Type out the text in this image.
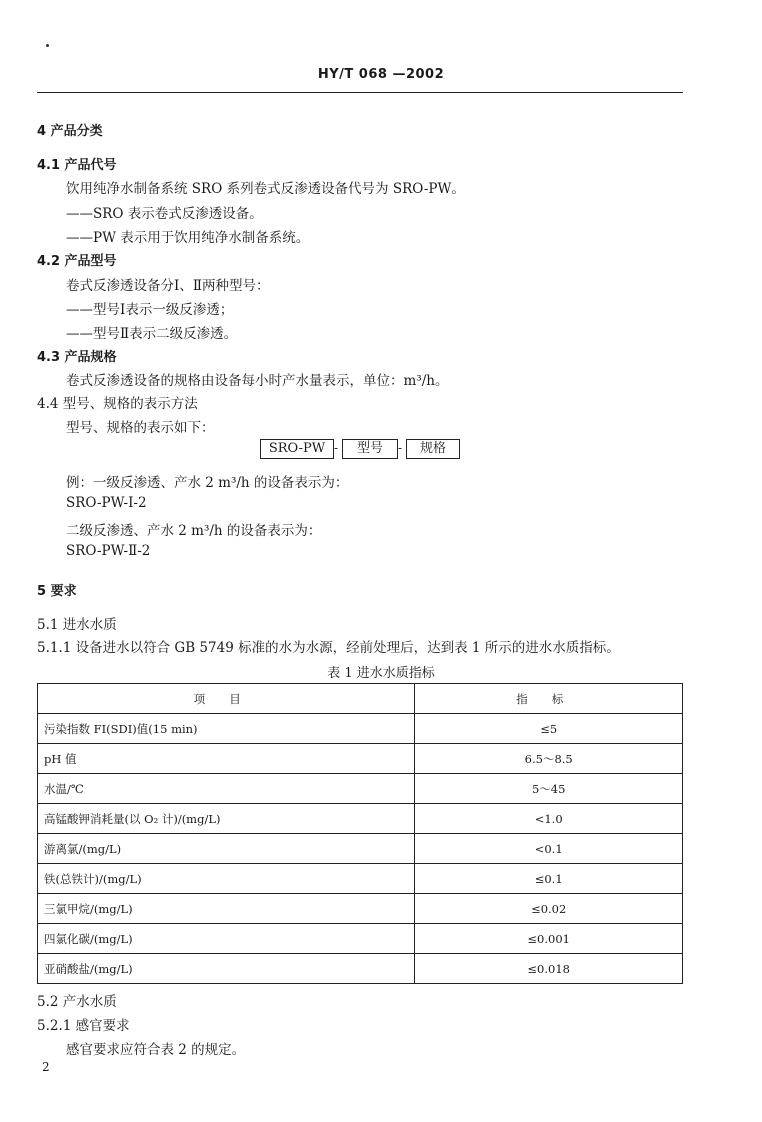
HY/T 068 —2002
4 产品分类
4.1 产品代号
饮用纯净水制备系统 SRO 系列卷式反渗透设备代号为 SRO-PW。
——SRO 表示卷式反渗透设备。
——PW 表示用于饮用纯净水制备系统。
4.2 产品型号
卷式反渗透设备分Ⅰ、Ⅱ两种型号：
——型号Ⅰ表示一级反渗透；
——型号Ⅱ表示二级反渗透。
4.3 产品规格
卷式反渗透设备的规格由设备每小时产水量表示，单位：m³/h。
4.4 型号、规格的表示方法
型号、规格的表示如下：
SRO-PW -	型号	-	规格
例：一级反渗透、产水 2 m³/h 的设备表示为：
SRO-PW-Ⅰ-2
二级反渗透、产水 2 m³/h 的设备表示为：
SRO-PW-Ⅱ-2
5 要求
5.1 进水水质
5.1.1 设备进水以符合 GB 5749 标准的水为水源，经前处理后，达到表 1 所示的进水水质指标。
表 1 进水水质指标
项目	指标
污染指数 FI(SDI)值(15 min)	≤5
pH 值	6.5～8.5
水温/℃	5～45
高锰酸钾消耗量(以 O₂ 计)/(mg/L)	<1.0
游离氯/(mg/L)	<0.1
铁(总铁计)/(mg/L)	≤0.1
三氯甲烷/(mg/L)	≤0.02
四氯化碳/(mg/L)	≤0.001
亚硝酸盐/(mg/L)	≤0.018
5.2 产水水质
5.2.1 感官要求
感官要求应符合表 2 的规定。
2
